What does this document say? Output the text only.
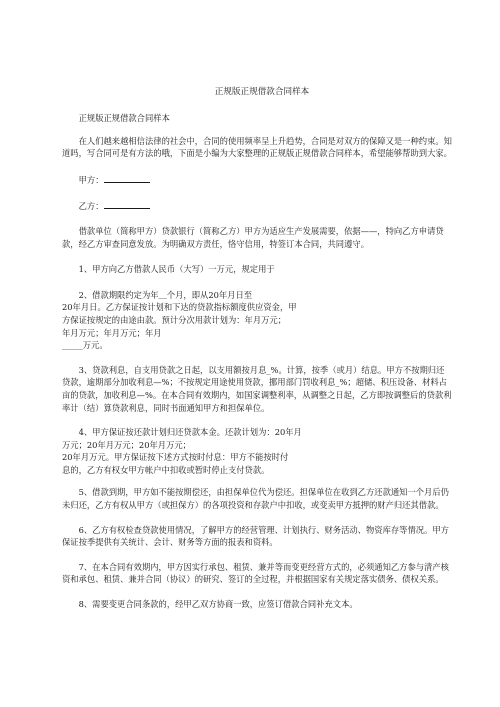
正规版正规借款合同样本
正规版正规借款合同样本
在人们越来越相信法律的社会中，合同的使用频率呈上升趋势，合同是对双方的保障又是一种约束。知道吗，写合同可是有方法的哦，下面是小编为大家整理的正规版正规借款合同样本，希望能够帮助到大家。
甲方：
乙方：
借款单位（简称甲方）贷款银行（简称乙方）甲方为适应生产发展需要，依据——，特向乙方申请贷款，经乙方审查同意发放。为明确双方责任，恪守信用，特签订本合同，共同遵守。
1、甲方向乙方借款人民币（大写）一万元，规定用于
2、借款期限约定为年＿个月，即从20年月日至
20年月日。乙方保证按计划和下达的贷款指标额度供应资金，甲
方保证按规定的由途由款。预计分次用款计划为：年月万元；
年月万元；年月万元；年月
_____万元。
3、贷款利息，自支用贷款之日起，以支用额按月息_%。计算，按季（或月）结息。甲方不按期归还贷款，逾期部分加收利息—%；不按规定用途使用贷款，挪用部门罚收利息_%；超储、积压设备、材料占亩的贷款，加收利息—%。在本合同有效期内，如国家调整利率，从调整之日起，乙方即按调整后的贷款利率计（结）算贷款利息，同时书面通知甲方和担保单位。
4、甲方保证按还款计划归还贷款本金。还款计划为：20年月
万元；20年月万元；20年月万元；
20年月万元。甲方保证按下述方式按时付息：甲方不能按时付
息的，乙方有权女甲方帐户中扣收或暂时停止支付贷款。
5、借款到期，甲方如不能按期偿还，由担保单位代为偿还。担保单位在收到乙方还款通知一个月后仍未归还，乙方有权从甲方（或担保方）的各项投资和存款户中扣收，或变卖甲方抵押的财产归还其借款。
6、乙方有权检查贷款使用情况，了解甲方的经营管理、计划执行、财务活动、物资库存等情况。甲方保证按季提供有关统计、会计、财务等方面的报表和资料。
7、在本合同有效期内，甲方因实行承包、租赁、兼并等而变更经营方式的，必须通知乙方参与清产核资和承包、租赁、兼并合同（协议）的研究、签订的全过程，并根据国家有关规定落实债务、债权关系。
8、需要变更合同条款的，经甲乙双方协商一致，应签订借款合同补充文本。
